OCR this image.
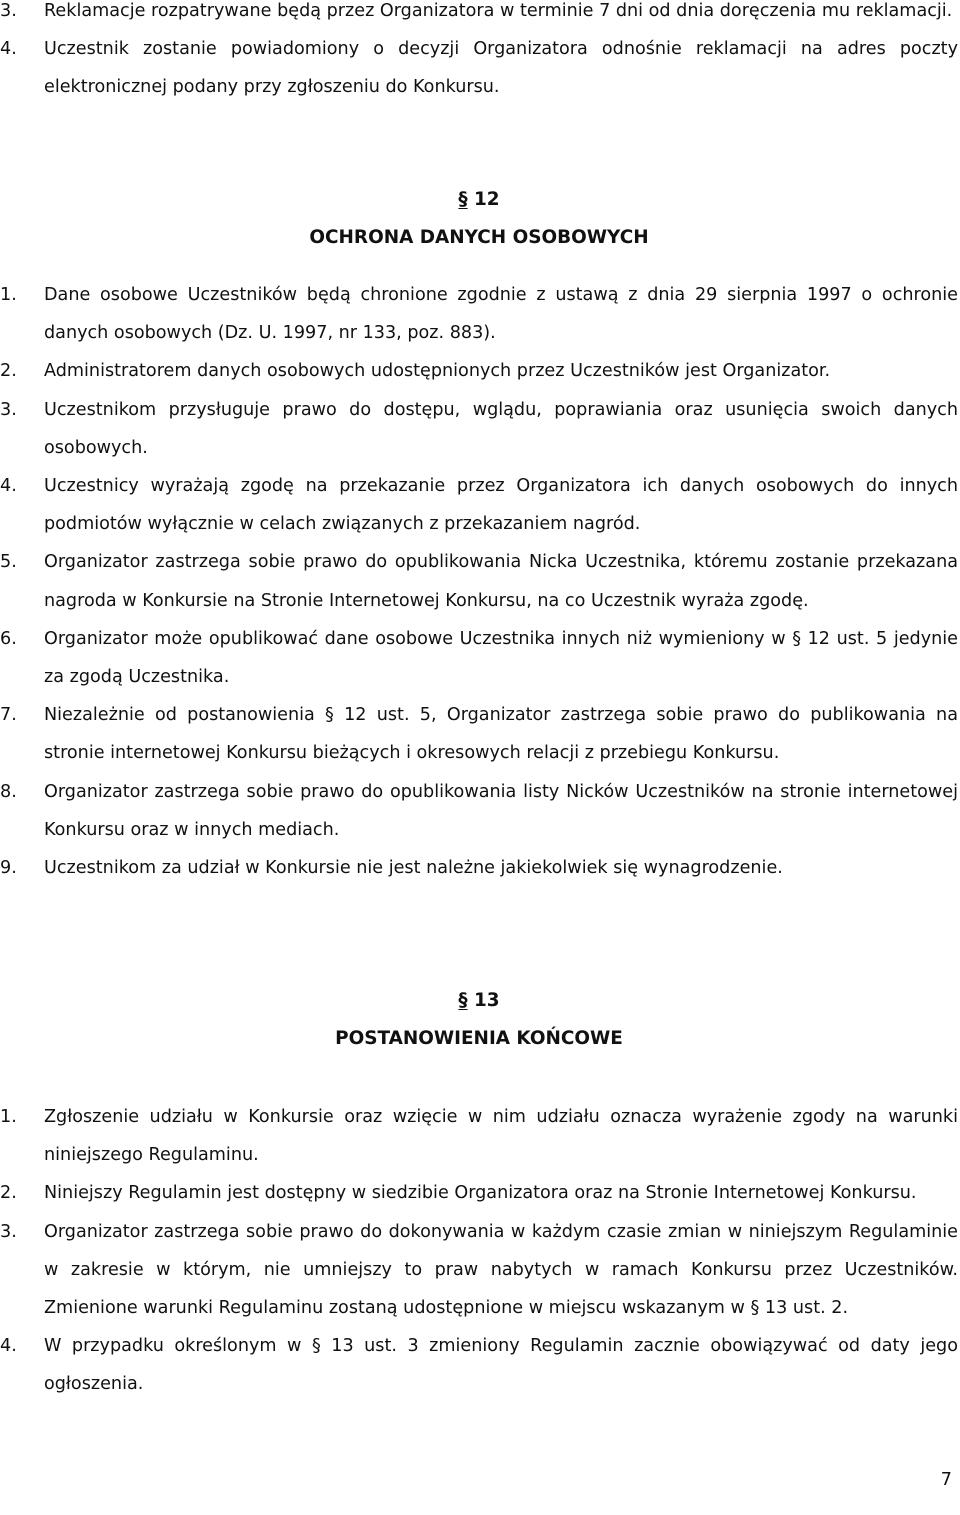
3.	Reklamacje rozpatrywane będą przez Organizatora w terminie 7 dni od dnia doręczenia mu reklamacji.
4.	Uczestnik zostanie powiadomiony o decyzji Organizatora odnośnie reklamacji na adres poczty elektronicznej podany przy zgłoszeniu do Konkursu.
§ 12
OCHRONA DANYCH OSOBOWYCH
1.	Dane osobowe Uczestników będą chronione zgodnie z ustawą z dnia 29 sierpnia 1997 o ochronie danych osobowych (Dz. U. 1997, nr 133, poz. 883).
2.	Administratorem danych osobowych udostępnionych przez Uczestników jest Organizator.
3.	Uczestnikom przysługuje prawo do dostępu, wglądu, poprawiania oraz usunięcia swoich danych osobowych.
4.	Uczestnicy wyrażają zgodę na przekazanie przez Organizatora ich danych osobowych do innych podmiotów wyłącznie w celach związanych z przekazaniem nagród.
5.	Organizator zastrzega sobie prawo do opublikowania Nicka Uczestnika, któremu zostanie przekazana nagroda w Konkursie na Stronie Internetowej Konkursu, na co Uczestnik wyraża zgodę.
6.	Organizator może opublikować dane osobowe Uczestnika innych niż wymieniony w § 12 ust. 5 jedynie za zgodą Uczestnika.
7.	Niezależnie od postanowienia § 12 ust. 5, Organizator zastrzega sobie prawo do publikowania na stronie internetowej Konkursu bieżących i okresowych relacji z przebiegu Konkursu.
8.	Organizator zastrzega sobie prawo do opublikowania listy Nicków Uczestników na stronie internetowej Konkursu oraz w innych mediach.
9.	Uczestnikom za udział w Konkursie nie jest należne jakiekolwiek się wynagrodzenie.
§ 13
POSTANOWIENIA KOŃCOWE
1.	Zgłoszenie udziału w Konkursie oraz wzięcie w nim udziału oznacza wyrażenie zgody na warunki niniejszego Regulaminu.
2.	Niniejszy Regulamin jest dostępny w siedzibie Organizatora oraz na Stronie Internetowej Konkursu.
3.	Organizator zastrzega sobie prawo do dokonywania w każdym czasie zmian w niniejszym Regulaminie w zakresie w którym, nie umniejszy to praw nabytych w ramach Konkursu przez Uczestników. Zmienione warunki Regulaminu zostaną udostępnione w miejscu wskazanym w § 13 ust. 2.
4.	W przypadku określonym w § 13 ust. 3 zmieniony Regulamin zacznie obowiązywać od daty jego ogłoszenia.
7
